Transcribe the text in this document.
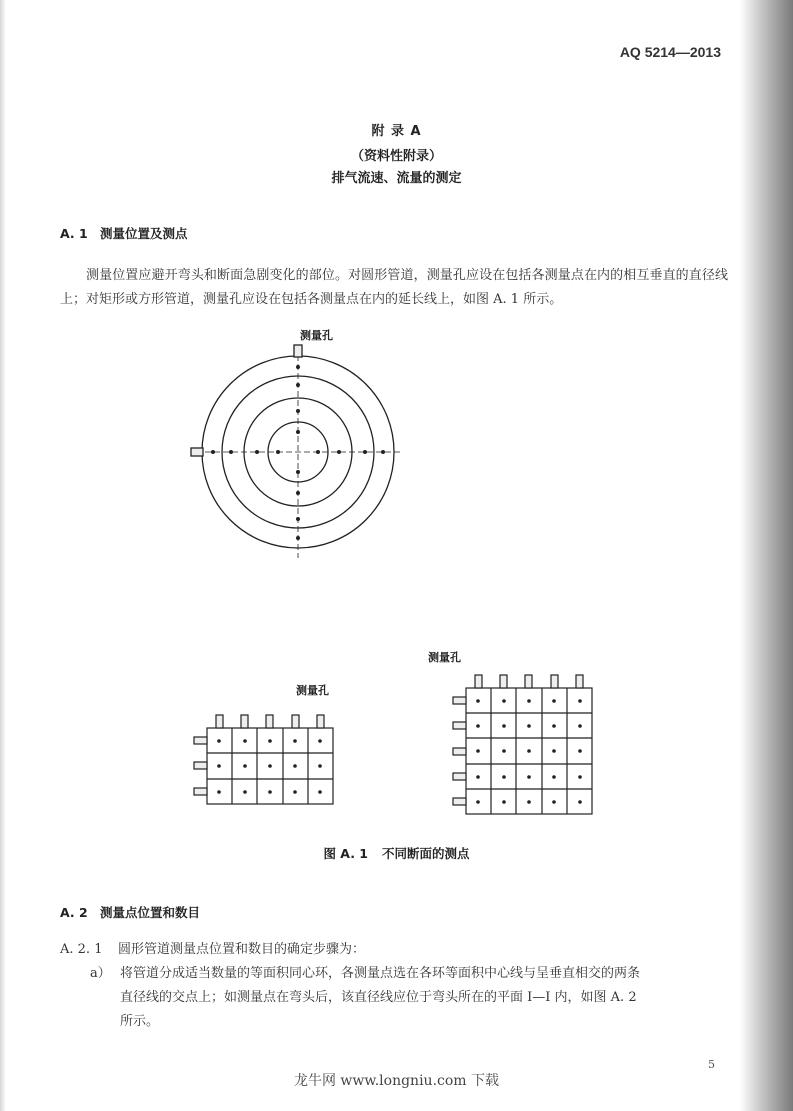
AQ 5214—2013
附 录 A
（资料性附录）
排气流速、流量的测定
A. 1 测量位置及测点
测量位置应避开弯头和断面急剧变化的部位。对圆形管道，测量孔应设在包括各测量点在内的相互垂直的直径线上；对矩形或方形管道，测量孔应设在包括各测量点在内的延长线上，如图 A. 1 所示。
测量孔
测量孔
测量孔
图 A. 1 不同断面的测点
A. 2 测量点位置和数目
A. 2. 1 圆形管道测量点位置和数目的确定步骤为：
a） 将管道分成适当数量的等面积同心环，各测量点选在各环等面积中心线与呈垂直相交的两条
直径线的交点上；如测量点在弯头后，该直径线应位于弯头所在的平面 Ⅰ—Ⅰ 内，如图 A. 2
所示。
5
龙牛网 www.longniu.com 下载
